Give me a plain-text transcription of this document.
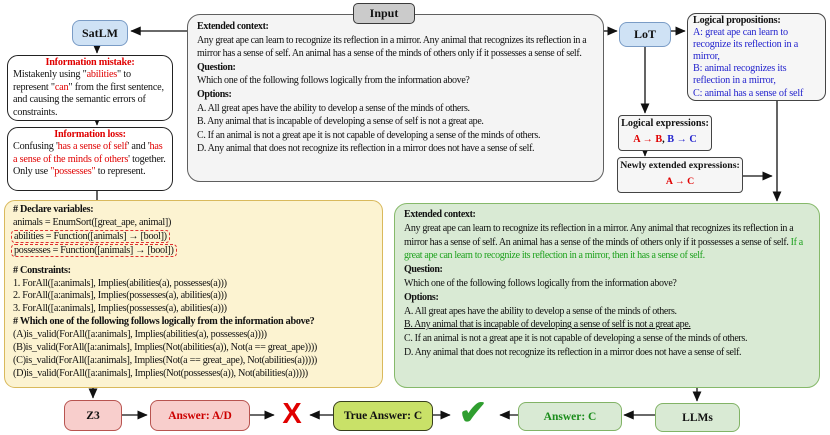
Input
Extended context:
Any great ape can learn to recognize its reflection in a mirror. Any animal that recognizes its reflection in a mirror has a sense of self. An animal has a sense of the minds of others only if it possesses a sense of self.
Question:
Which one of the following follows logically from the information above?
Options:
A. All great apes have the ability to develop a sense of the minds of others.
B. Any animal that is incapable of developing a sense of self is not a great ape.
C. If an animal is not a great ape it is not capable of developing a sense of the minds of others.
D. Any animal that does not recognize its reflection in a mirror does not have a sense of self.
SatLM
Information mistake:
Mistakenly using "abilities" to represent "can" from the first sentence, and causing the semantic errors of constraints.
Information loss:
Confusing 'has a sense of self' and 'has a sense of the minds of others' together. Only use "possesses" to represent.
LoT
Logical propositions:
A: great ape can learn to recognize its reflection in a mirror,
B: animal recognizes its reflection in a mirror,
C: animal has a sense of self
Logical expressions:
A → B, B → C
Newly extended expressions:
A → C
# Declare variables:
animals = EnumSort([great_ape, animal])
abilities = Function([animals] → [bool])
possesses = Function([animals] → [bool])
# Constraints:
1. ForAll([a:animals], Implies(abilities(a), possesses(a)))
2. ForAll([a:animals], Implies(possesses(a), abilities(a)))
3. ForAll([a:animals], Implies(possesses(a), abilities(a)))
# Which one of the following follows logically from the information above?
(A)is_valid(ForAll([a:animals], Implies(abilities(a), possesses(a))))
(B)is_valid(ForAll([a:animals], Implies(Not(abilities(a)), Not(a == great_ape))))
(C)is_valid(ForAll([a:animals], Implies(Not(a == great_ape), Not(abilities(a)))))
(D)is_valid(ForAll([a:animals], Implies(Not(possesses(a)), Not(abilities(a)))))
Extended context:
Any great ape can learn to recognize its reflection in a mirror. Any animal that recognizes its reflection in a mirror has a sense of self. An animal has a sense of the minds of others only if it possesses a sense of self. If a great ape can learn to recognize its reflection in a mirror, then it has a sense of self.
Question:
Which one of the following follows logically from the information above?
Options:
A. All great apes have the ability to develop a sense of the minds of others.
B. Any animal that is incapable of developing a sense of self is not a great ape.
C. If an animal is not a great ape it is not capable of developing a sense of the minds of others.
D. Any animal that does not recognize its reflection in a mirror does not have a sense of self.
Z3	Answer: A/D	X	True Answer: C	✔	Answer: C	LLMs
